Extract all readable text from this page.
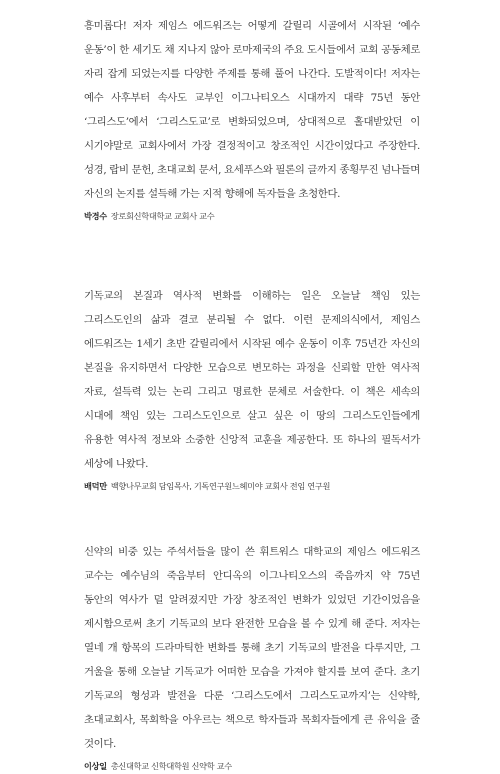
흥미롭다! 저자 제임스 에드워즈는 어떻게 갈릴리 시골에서 시작된 ‘예수 운동’이 한 세기도 채 지나지 않아 로마제국의 주요 도시들에서 교회 공동체로 자리 잡게 되었는지를 다양한 주제를 통해 풀어 나간다. 도발적이다! 저자는 예수 사후부터 속사도 교부인 이그나티오스 시대까지 대략 75년 동안 ‘그리스도’에서 ‘그리스도교’로 변화되었으며, 상대적으로 홀대받았던 이 시기야말로 교회사에서 가장 결정적이고 창조적인 시간이었다고 주장한다. 성경, 랍비 문헌, 초대교회 문서, 요세푸스와 필론의 글까지 종횡무진 넘나들며 자신의 논지를 설득해 가는 지적 향해에 독자들을 초청한다.

박경수 장로회신학대학교 교회사 교수

기독교의 본질과 역사적 변화를 이해하는 일은 오늘날 책임 있는 그리스도인의 삶과 결코 분리될 수 없다. 이런 문제의식에서, 제임스 에드워즈는 1세기 초반 갈릴리에서 시작된 예수 운동이 이후 75년간 자신의 본질을 유지하면서 다양한 모습으로 변모하는 과정을 신뢰할 만한 역사적 자료, 설득력 있는 논리 그리고 명료한 문체로 서술한다. 이 책은 세속의 시대에 책임 있는 그리스도인으로 살고 싶은 이 땅의 그리스도인들에게 유용한 역사적 정보와 소중한 신앙적 교훈을 제공한다. 또 하나의 필독서가 세상에 나왔다.

배덕만 백향나무교회 담임목사, 기독연구원느헤미야 교회사 전임 연구원

신약의 비중 있는 주석서들을 많이 쓴 휘트워스 대학교의 제임스 에드워즈 교수는 예수님의 죽음부터 안디옥의 이그나티오스의 죽음까지 약 75년 동안의 역사가 덜 알려졌지만 가장 창조적인 변화가 있었던 기간이었음을 제시함으로써 초기 기독교의 보다 완전한 모습을 볼 수 있게 해 준다. 저자는 열네 개 항목의 드라마틱한 변화를 통해 초기 기독교의 발전을 다루지만, 그 거울을 통해 오늘날 기독교가 어떠한 모습을 가져야 할지를 보여 준다. 초기 기독교의 형성과 발전을 다룬 ‘그리스도에서 그리스도교까지’는 신약학, 초대교회사, 목회학을 아우르는 책으로 학자들과 목회자들에게 큰 유익을 줄 것이다.

이상일 총신대학교 신학대학원 신약학 교수
